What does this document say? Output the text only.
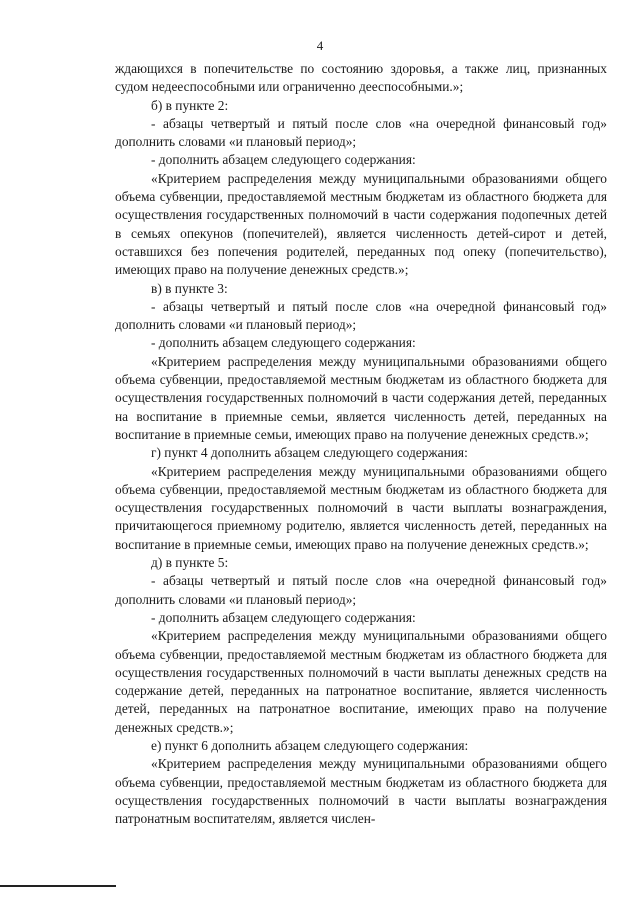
4

ждающихся в попечительстве по состоянию здоровья, а также лиц, признанных судом недееспособными или ограниченно дееспособными.»;

б) в пункте 2:

- абзацы четвертый и пятый после слов «на очередной финансовый год» дополнить словами «и плановый период»;

- дополнить абзацем следующего содержания:

«Критерием распределения между муниципальными образованиями общего объема субвенции, предоставляемой местным бюджетам из областного бюджета для осуществления государственных полномочий в части содержания подопечных детей в семьях опекунов (попечителей), является численность детей-сирот и детей, оставшихся без попечения родителей, переданных под опеку (попечительство), имеющих право на получение денежных средств.»;

в) в пункте 3:

- абзацы четвертый и пятый после слов «на очередной финансовый год» дополнить словами «и плановый период»;

- дополнить абзацем следующего содержания:

«Критерием распределения между муниципальными образованиями общего объема субвенции, предоставляемой местным бюджетам из областного бюджета для осуществления государственных полномочий в части содержания детей, переданных на воспитание в приемные семьи, является численность детей, переданных на воспитание в приемные семьи, имеющих право на получение денежных средств.»;

г) пункт 4 дополнить абзацем следующего содержания:

«Критерием распределения между муниципальными образованиями общего объема субвенции, предоставляемой местным бюджетам из областного бюджета для осуществления государственных полномочий в части выплаты вознаграждения, причитающегося приемному родителю, является численность детей, переданных на воспитание в приемные семьи, имеющих право на получение денежных средств.»;

д) в пункте 5:

- абзацы четвертый и пятый после слов «на очередной финансовый год» дополнить словами «и плановый период»;

- дополнить абзацем следующего содержания:

«Критерием распределения между муниципальными образованиями общего объема субвенции, предоставляемой местным бюджетам из областного бюджета для осуществления государственных полномочий в части выплаты денежных средств на содержание детей, переданных на патронатное воспитание, является численность детей, переданных на патронатное воспитание, имеющих право на получение денежных средств.»;

е) пункт 6 дополнить абзацем следующего содержания:

«Критерием распределения между муниципальными образованиями общего объема субвенции, предоставляемой местным бюджетам из областного бюджета для осуществления государственных полномочий в части выплаты вознаграждения патронатным воспитателям, является числен-
